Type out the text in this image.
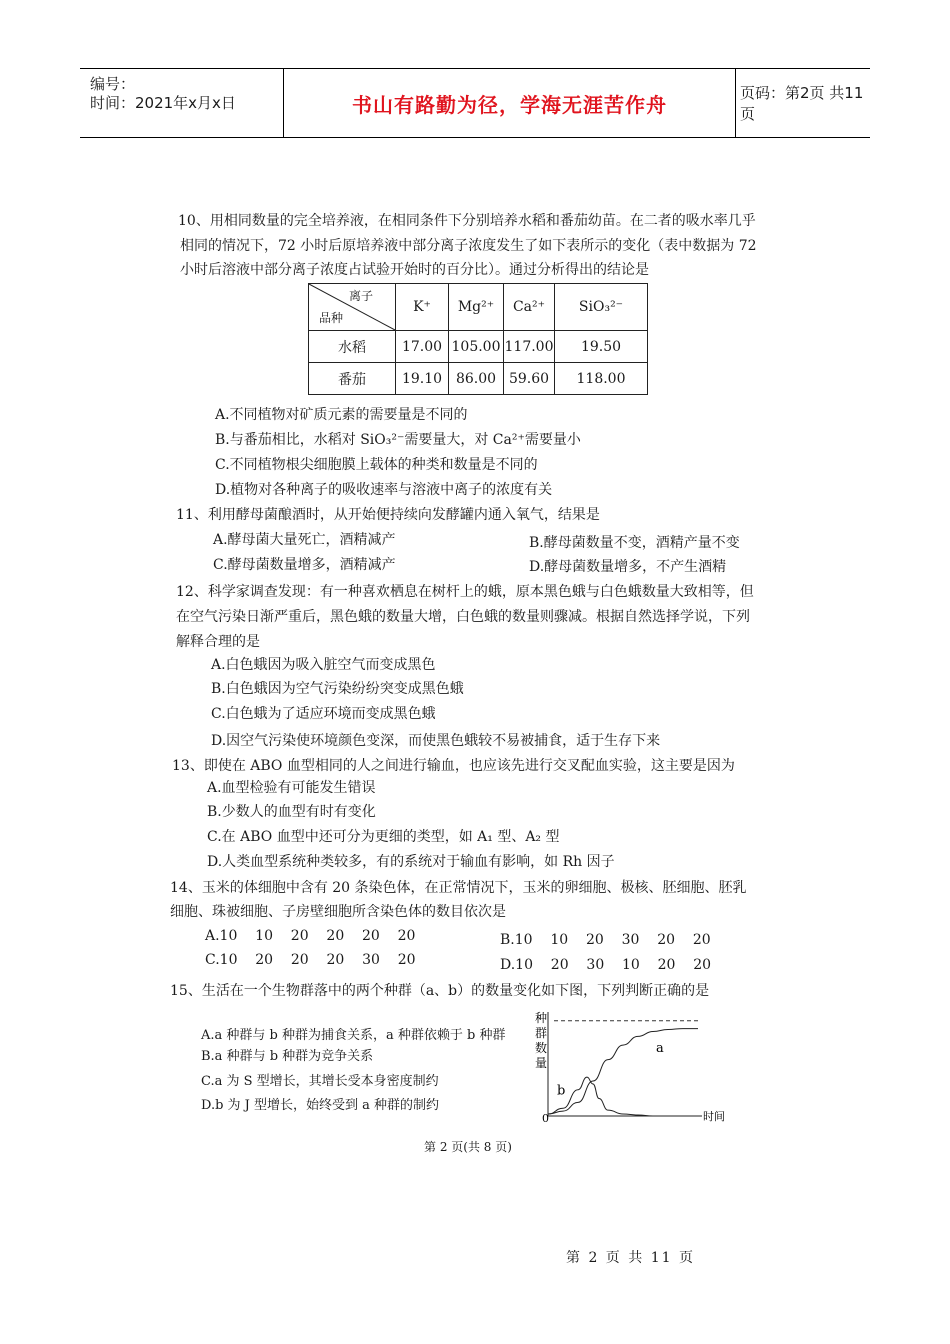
编号：
时间：2021年x月x日	书山有路勤为径，学海无涯苦作舟	页码：第2页 共11页
10、用相同数量的完全培养液，在相同条件下分别培养水稻和番茄幼苗。在二者的吸水率几乎
相同的情况下，72 小时后原培养液中部分离子浓度发生了如下表所示的变化（表中数据为 72
小时后溶液中部分离子浓度占试验开始时的百分比）。通过分析得出的结论是
离子
品种	K⁺	Mg²⁺	Ca²⁺	SiO₃²⁻
水稻	17.00	105.00	117.00	19.50
番茄	19.10	86.00	59.60	118.00
A.不同植物对矿质元素的需要量是不同的
B.与番茄相比，水稻对 SiO₃²⁻需要量大，对 Ca²⁺需要量小
C.不同植物根尖细胞膜上载体的种类和数量是不同的
D.植物对各种离子的吸收速率与溶液中离子的浓度有关
11、利用酵母菌酿酒时，从开始便持续向发酵罐内通入氧气，结果是
A.酵母菌大量死亡，酒精减产	B.酵母菌数量不变，酒精产量不变
C.酵母菌数量增多，酒精减产	D.酵母菌数量增多，不产生酒精
12、科学家调查发现：有一种喜欢栖息在树杆上的蛾，原本黑色蛾与白色蛾数量大致相等，但
在空气污染日渐严重后，黑色蛾的数量大增，白色蛾的数量则骤减。根据自然选择学说，下列
解释合理的是
A.白色蛾因为吸入脏空气而变成黑色
B.白色蛾因为空气污染纷纷突变成黑色蛾
C.白色蛾为了适应环境而变成黑色蛾
D.因空气污染使环境颜色变深，而使黑色蛾较不易被捕食，适于生存下来
13、即使在 ABO 血型相同的人之间进行输血，也应该先进行交叉配血实验，这主要是因为
A.血型检验有可能发生错误
B.少数人的血型有时有变化
C.在 ABO 血型中还可分为更细的类型，如 A₁ 型、A₂ 型
D.人类血型系统种类较多，有的系统对于输血有影响，如 Rh 因子
14、玉米的体细胞中含有 20 条染色体，在正常情况下，玉米的卵细胞、极核、胚细胞、胚乳
细胞、珠被细胞、子房壁细胞所含染色体的数目依次是
A.10    10    20    20    20    20	B.10    10    20    30    20    20
C.10    20    20    20    30    20	D.10    20    30    10    20    20
15、生活在一个生物群落中的两个种群（a、b）的数量变化如下图，下列判断正确的是
A.a 种群与 b 种群为捕食关系，a 种群依赖于 b 种群
B.a 种群与 b 种群为竞争关系
C.a 为 S 型增长，其增长受本身密度制约
D.b 为 J 型增长，始终受到 a 种群的制约
种群数量
0	时间
a
b
第 2 页(共 8 页)
第 2 页 共 11 页
